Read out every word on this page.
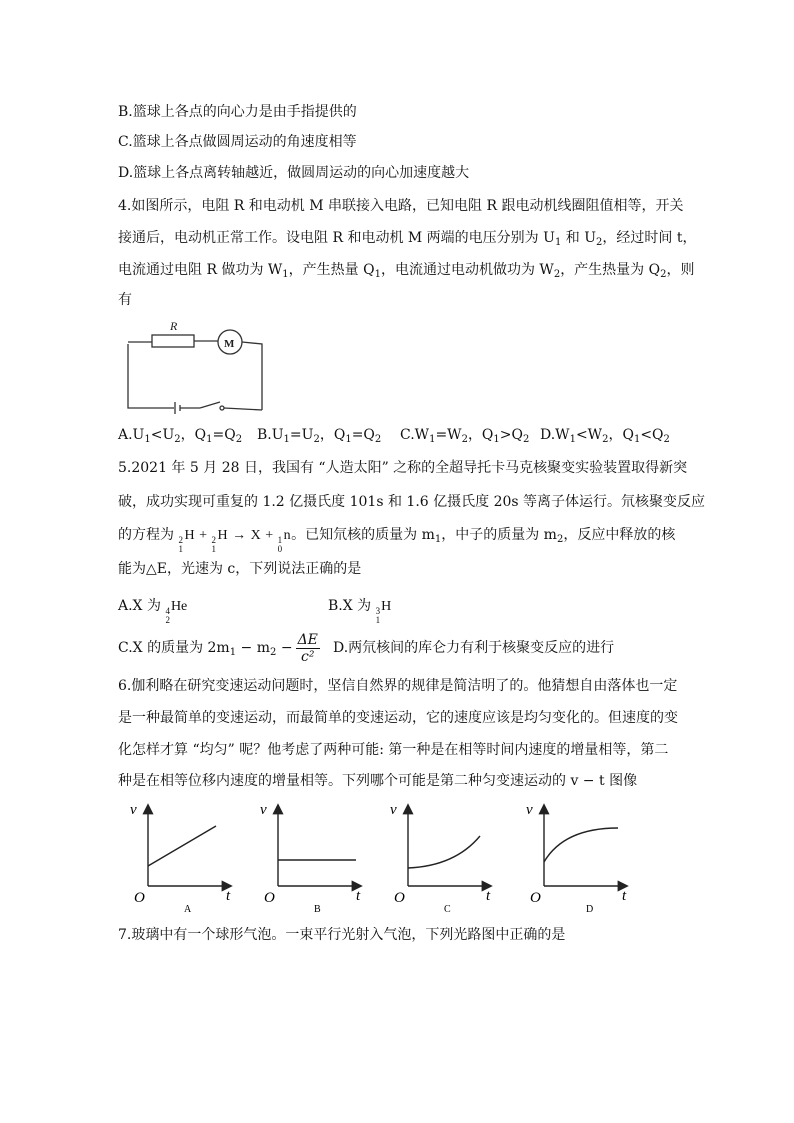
B.篮球上各点的向心力是由手指提供的
C.篮球上各点做圆周运动的角速度相等
D.篮球上各点离转轴越近，做圆周运动的向心加速度越大
4.如图所示，电阻 R 和电动机 M 串联接入电路，已知电阻 R 跟电动机线圈阻值相等，开关
接通后，电动机正常工作。设电阻 R 和电动机 M 两端的电压分别为 $U_1$ 和 $U_2$，经过时间 t，
电流通过电阻 R 做功为 $W_1$，产生热量 $Q_1$，电流通过电动机做功为 $W_2$，产生热量为 $Q_2$，则
有
R
M
$A.U_1<U_2$，$Q_1=Q_2$ $B.U_1=U_2$，$Q_1=Q_2$ $C.W_1=W_2$，$Q_1>Q_2$ $D.W_1<W_2$，$Q_1<Q_2$
5.2021 年 5 月 28 日，我国有 “人造太阳” 之称的全超导托卡马克核聚变实验装置取得新突
破，成功实现可重复的 1.2 亿摄氏度 101s 和 1.6 亿摄氏度 20s 等离子体运行。氘核聚变反应
的方程为 2
1
H + 2
1
H → X + 1
0
n。已知氘核的质量为 $m_1$，中子的质量为 $m_2$，反应中释放的核
能为△E，光速为 c，下列说法正确的是
A.X 为 4
2
He	B.X 为 3
1
H
C.X 的质量为 $2m_1 - m_2 - \frac{\Delta E}{\text{c²}} D$.两氘核间的库仑力有利于核聚变反应的进行
6.伽利略在研究变速运动问题时，坚信自然界的规律是简洁明了的。他猜想自由落体也一定
是一种最简单的变速运动，而最简单的变速运动，它的速度应该是均匀变化的。但速度的变
化怎样才算 “均匀” 呢？他考虑了两种可能: 第一种是在相等时间内速度的增量相等，第二
种是在相等位移内速度的增量相等。下列哪个可能是第二种匀变速运动的 v − t 图像
v
t
O
A
v
t
O
B
v
t
O
C
v
t
O
D
7.玻璃中有一个球形气泡。一束平行光射入气泡，下列光路图中正确的是
